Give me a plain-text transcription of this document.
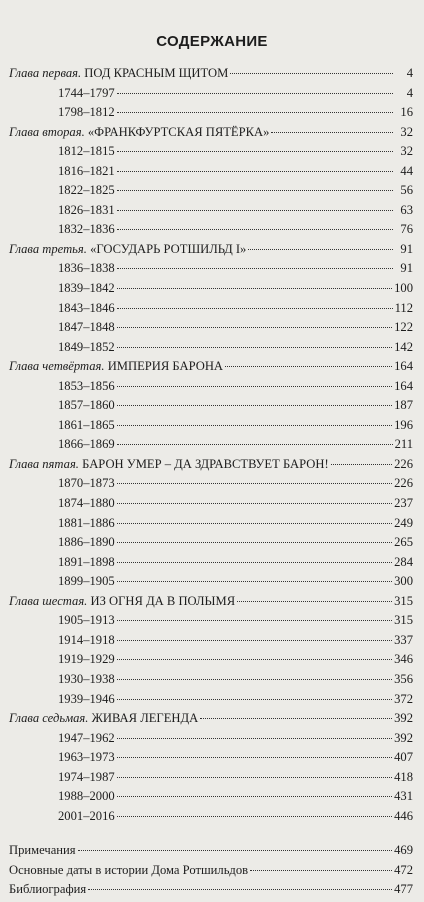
СОДЕРЖАНИЕ
Глава первая. ПОД КРАСНЫМ ЩИТОМ	4
1744–1797	4
1798–1812	16
Глава вторая. «ФРАНКФУРТСКАЯ ПЯТЁРКА»	32
1812–1815	32
1816–1821	44
1822–1825	56
1826–1831	63
1832–1836	76
Глава третья. «ГОСУДАРЬ РОТШИЛЬД I»	91
1836–1838	91
1839–1842	100
1843–1846	112
1847–1848	122
1849–1852	142
Глава четвёртая. ИМПЕРИЯ БАРОНА	164
1853–1856	164
1857–1860	187
1861–1865	196
1866–1869	211
Глава пятая. БАРОН УМЕР – ДА ЗДРАВСТВУЕТ БАРОН!	226
1870–1873	226
1874–1880	237
1881–1886	249
1886–1890	265
1891–1898	284
1899–1905	300
Глава шестая. ИЗ ОГНЯ ДА В ПОЛЫМЯ	315
1905–1913	315
1914–1918	337
1919–1929	346
1930–1938	356
1939–1946	372
Глава седьмая. ЖИВАЯ ЛЕГЕНДА	392
1947–1962	392
1963–1973	407
1974–1987	418
1988–2000	431
2001–2016	446
Примечания	469
Основные даты в истории Дома Ротшильдов	472
Библиография	477
